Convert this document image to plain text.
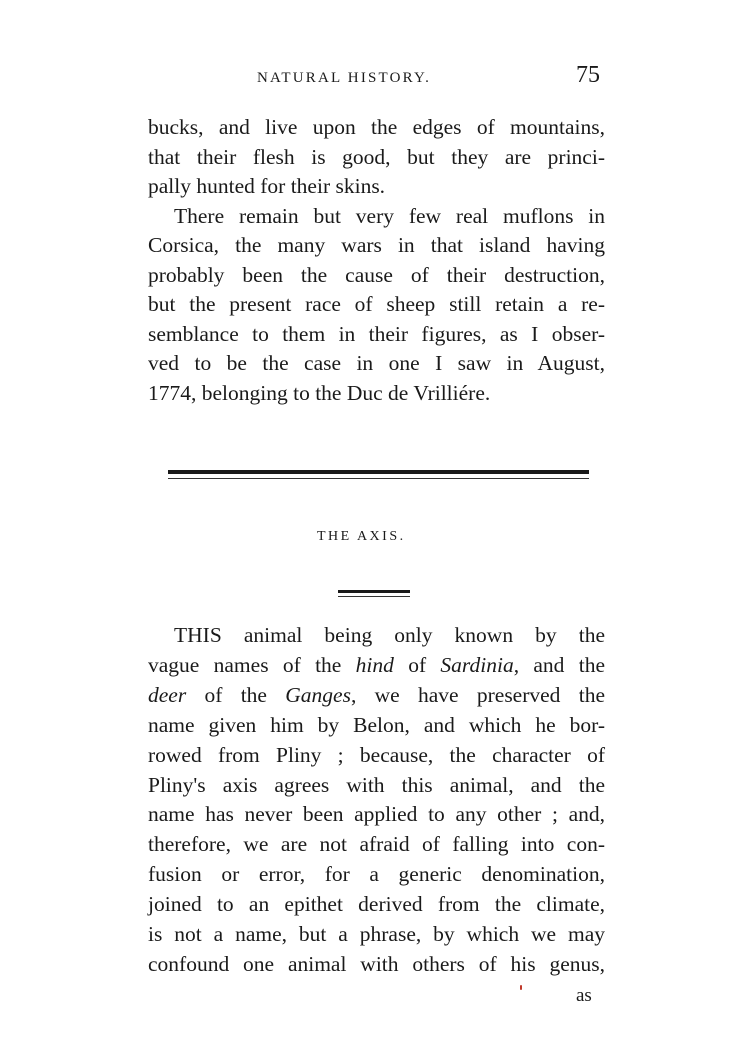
NATURAL HISTORY.	75
bucks, and live upon the edges of mountains,
that their flesh is good, but they are princi-
pally hunted for their skins.
There remain but very few real muflons in
Corsica, the many wars in that island having
probably been the cause of their destruction,
but the present race of sheep still retain a re-
semblance to them in their figures, as I obser-
ved to be the case in one I saw in August,
1774, belonging to the Duc de Vrilliére.
THE AXIS.
THIS animal being only known by the
vague names of the hind of Sardinia, and the
deer of the Ganges, we have preserved the
name given him by Belon, and which he bor-
rowed from Pliny ; because, the character of
Pliny's axis agrees with this animal, and the
name has never been applied to any other ; and,
therefore, we are not afraid of falling into con-
fusion or error, for a generic denomination,
joined to an epithet derived from the climate,
is not a name, but a phrase, by which we may
confound one animal with others of his genus,
as
